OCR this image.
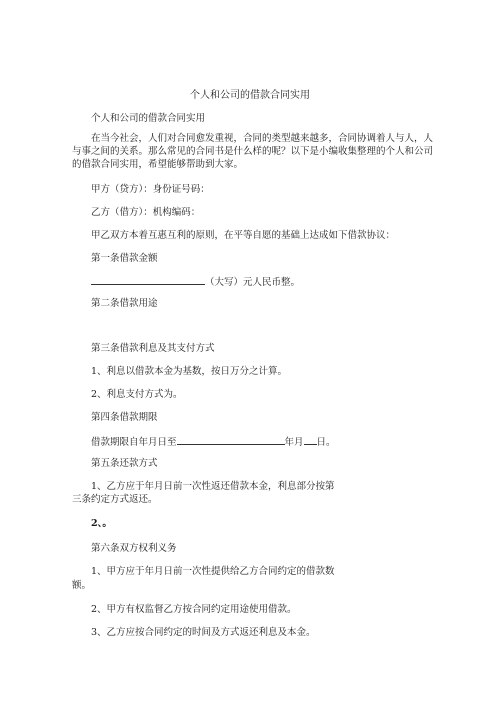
个人和公司的借款合同实用
个人和公司的借款合同实用
在当今社会，人们对合同愈发重视，合同的类型越来越多，合同协调着人与人，人
与事之间的关系。那么常见的合同书是什么样的呢？以下是小编收集整理的个人和公司
的借款合同实用，希望能够帮助到大家。
甲方（贷方）：身份证号码：
乙方（借方）：机构编码：
甲乙双方本着互惠互利的原则，在平等自愿的基础上达成如下借款协议：
第一条借款金额
（大写）元人民币整。
第二条借款用途
第三条借款利息及其支付方式
1、利息以借款本金为基数，按日万分之计算。
2、利息支付方式为。
第四条借款期限
借款期限自年月日至	年月 日。
第五条还款方式
1、乙方应于年月日前一次性返还借款本金，利息部分按第
三条约定方式返还。
2、。
第六条双方权利义务
1、甲方应于年月日前一次性提供给乙方合同约定的借款数
额。
2、甲方有权监督乙方按合同约定用途使用借款。
3、乙方应按合同约定的时间及方式返还利息及本金。
